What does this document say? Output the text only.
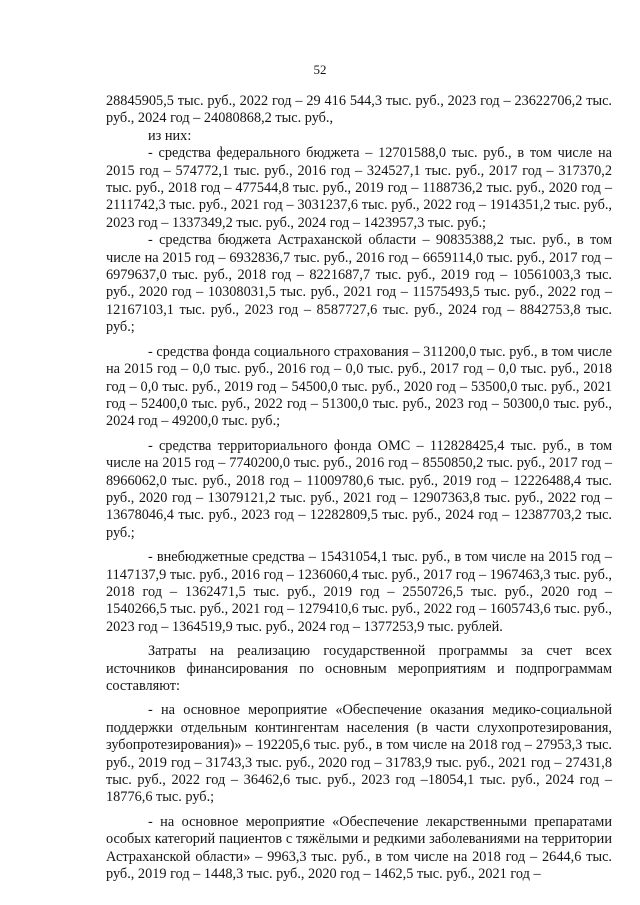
52

28845905,5 тыс. руб., 2022 год – 29 416 544,3 тыс. руб., 2023 год – 23622706,2 тыс. руб., 2024 год – 24080868,2 тыс. руб.,

из них:

- средства федерального бюджета – 12701588,0 тыс. руб., в том числе на 2015 год – 574772,1 тыс. руб., 2016 год – 324527,1 тыс. руб., 2017 год – 317370,2 тыс. руб., 2018 год – 477544,8 тыс. руб., 2019 год – 1188736,2 тыс. руб., 2020 год – 2111742,3 тыс. руб., 2021 год – 3031237,6 тыс. руб., 2022 год – 1914351,2 тыс. руб., 2023 год – 1337349,2 тыс. руб., 2024 год – 1423957,3 тыс. руб.;

- средства бюджета Астраханской области – 90835388,2 тыс. руб., в том числе на 2015 год – 6932836,7 тыс. руб., 2016 год – 6659114,0 тыс. руб., 2017 год – 6979637,0 тыс. руб., 2018 год – 8221687,7 тыс. руб., 2019 год – 10561003,3 тыс. руб., 2020 год – 10308031,5 тыс. руб., 2021 год – 11575493,5 тыс. руб., 2022 год – 12167103,1 тыс. руб., 2023 год – 8587727,6 тыс. руб., 2024 год – 8842753,8 тыс. руб.;

- средства фонда социального страхования – 311200,0 тыс. руб., в том числе на 2015 год – 0,0 тыс. руб., 2016 год – 0,0 тыс. руб., 2017 год – 0,0 тыс. руб., 2018 год – 0,0 тыс. руб., 2019 год – 54500,0 тыс. руб., 2020 год – 53500,0 тыс. руб., 2021 год – 52400,0 тыс. руб., 2022 год – 51300,0 тыс. руб., 2023 год – 50300,0 тыс. руб., 2024 год – 49200,0 тыс. руб.;

- средства территориального фонда ОМС – 112828425,4 тыс. руб., в том числе на 2015 год – 7740200,0 тыс. руб., 2016 год – 8550850,2 тыс. руб., 2017 год – 8966062,0 тыс. руб., 2018 год – 11009780,6 тыс. руб., 2019 год – 12226488,4 тыс. руб., 2020 год – 13079121,2 тыс. руб., 2021 год – 12907363,8 тыс. руб., 2022 год – 13678046,4 тыс. руб., 2023 год – 12282809,5 тыс. руб., 2024 год – 12387703,2 тыс. руб.;

- внебюджетные средства – 15431054,1 тыс. руб., в том числе на 2015 год – 1147137,9 тыс. руб., 2016 год – 1236060,4 тыс. руб., 2017 год – 1967463,3 тыс. руб., 2018 год – 1362471,5 тыс. руб., 2019 год – 2550726,5 тыс. руб., 2020 год – 1540266,5 тыс. руб., 2021 год – 1279410,6 тыс. руб., 2022 год – 1605743,6 тыс. руб., 2023 год – 1364519,9 тыс. руб., 2024 год – 1377253,9 тыс. рублей.

Затраты на реализацию государственной программы за счет всех источников финансирования по основным мероприятиям и подпрограммам составляют:

- на основное мероприятие «Обеспечение оказания медико-социальной поддержки отдельным контингентам населения (в части слухопротезирования, зубопротезирования)» – 192205,6 тыс. руб., в том числе на 2018 год – 27953,3 тыс. руб., 2019 год – 31743,3 тыс. руб., 2020 год – 31783,9 тыс. руб., 2021 год – 27431,8 тыс. руб., 2022 год – 36462,6 тыс. руб., 2023 год –18054,1 тыс. руб., 2024 год – 18776,6 тыс. руб.;

- на основное мероприятие «Обеспечение лекарственными препаратами особых категорий пациентов с тяжёлыми и редкими заболеваниями на территории Астраханской области» – 9963,3 тыс. руб., в том числе на 2018 год – 2644,6 тыс. руб., 2019 год – 1448,3 тыс. руб., 2020 год – 1462,5 тыс. руб., 2021 год –
